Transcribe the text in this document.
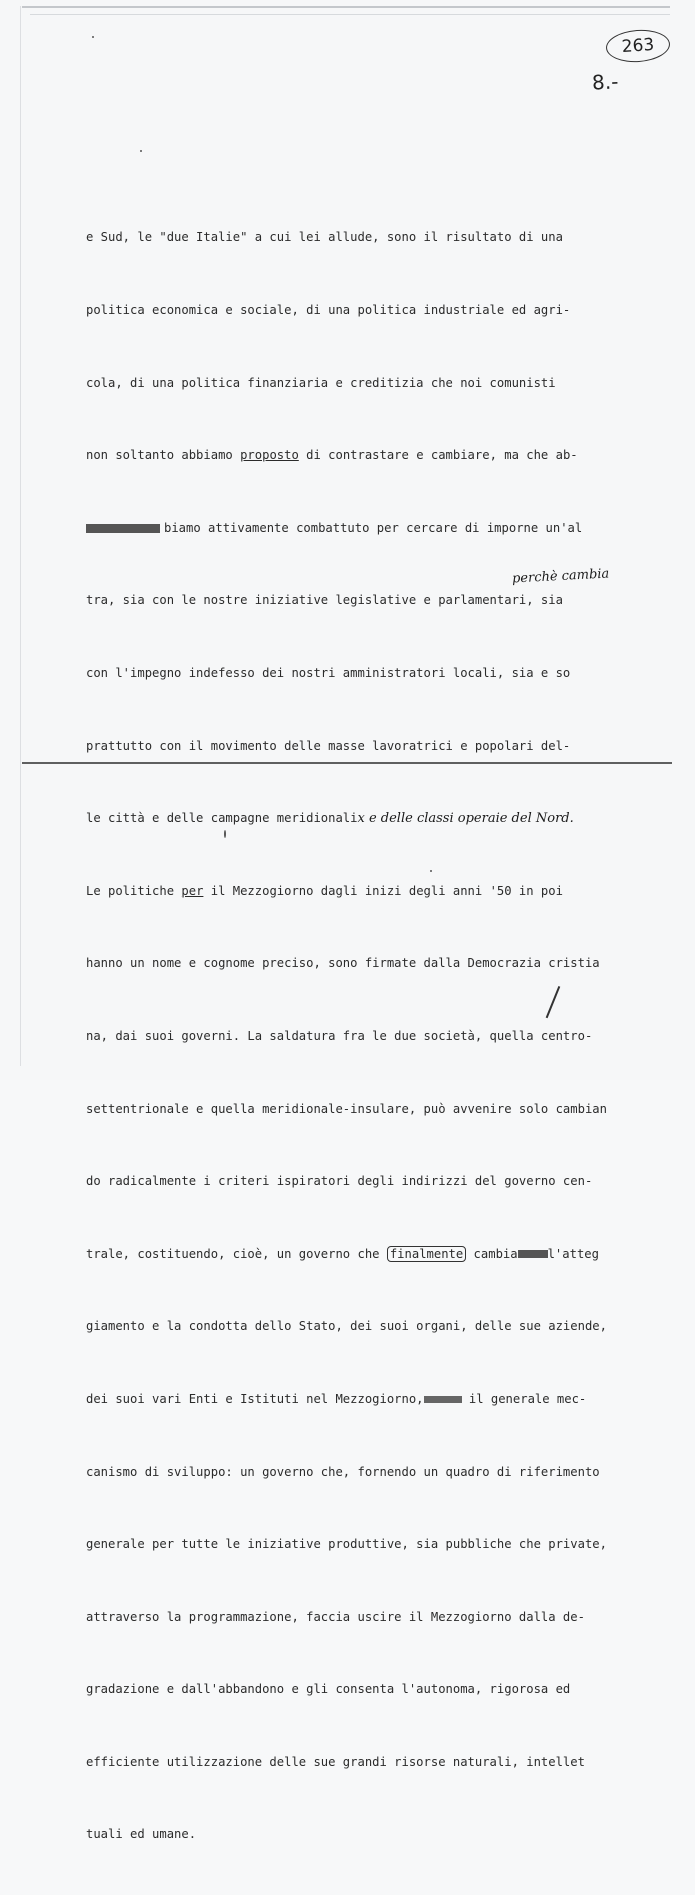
263
8.-

e Sud, le "due Italie" a cui lei allude, sono il risultato di una

politica economica e sociale, di una politica industriale ed agri-

cola, di una politica finanziaria e creditizia che noi comunisti

non soltanto abbiamo proposto di contrastare e cambiare, ma che ab-

biamo attivamente combattuto per cercare di imporne un'al

tra, sia con le nostre iniziative legislative e parlamentari, sia

con l'impegno indefesso dei nostri amministratori locali, sia e so

prattutto con il movimento delle masse lavoratrici e popolari del-

le città e delle campagne meridionalix e delle classi operaie del Nord.

Le politiche per il Mezzogiorno dagli inizi degli anni '50 in poi

hanno un nome e cognome preciso, sono firmate dalla Democrazia cristia

na, dai suoi governi. La saldatura fra le due società, quella centro-

settentrionale e quella meridionale-insulare, può avvenire solo cambian

do radicalmente i criteri ispiratori degli indirizzi del governo cen-

trale, costituendo, cioè, un governo che finalmente cambia l'atteg

giamento e la condotta dello Stato, dei suoi organi, delle sue aziende,

dei suoi vari Enti e Istituti nel Mezzogiorno,	il generale mec-

canismo di sviluppo: un governo che, fornendo un quadro di riferimento

generale per tutte le iniziative produttive, sia pubbliche che private,

attraverso la programmazione, faccia uscire il Mezzogiorno dalla de-

gradazione e dall'abbandono e gli consenta l'autonoma, rigorosa ed

efficiente utilizzazione delle sue grandi risorse naturali, intellet

tuali ed umane.

perchè cambia
